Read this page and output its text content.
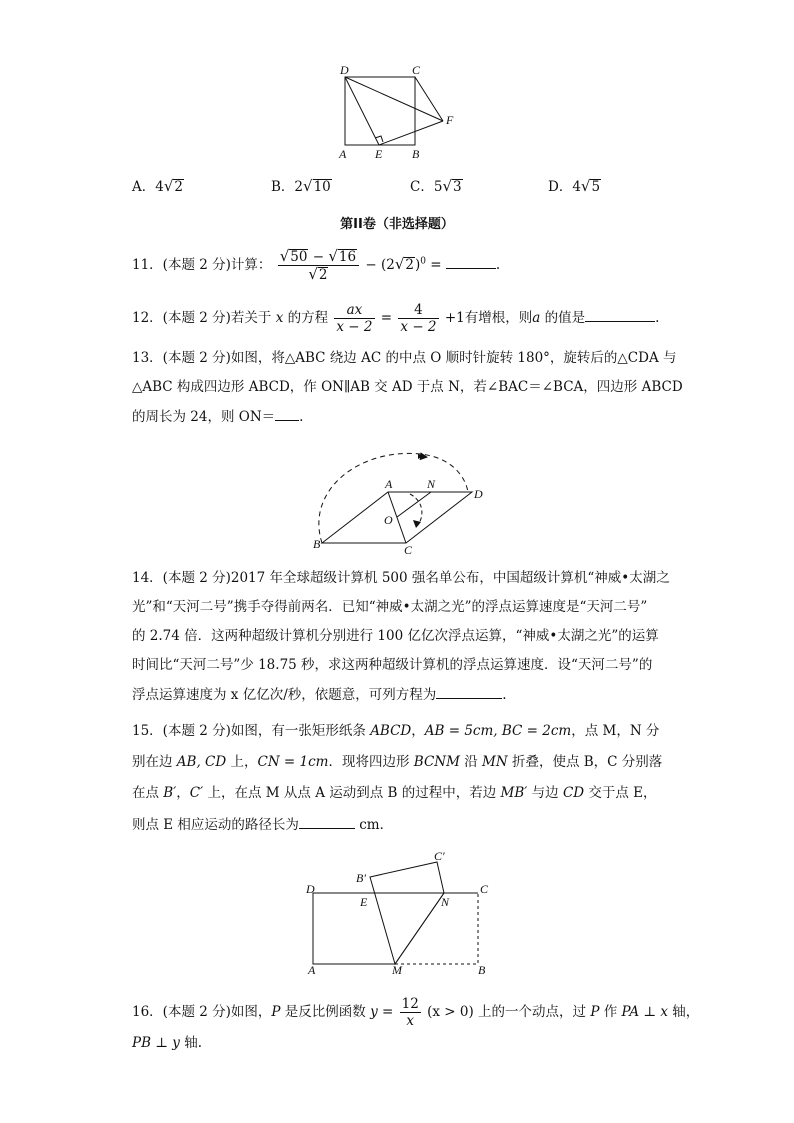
D	C
F
A E B
A．4√2	B．2√10	C．5√3	D．4√5
第II卷（非选择题）
11．(本题 2 分)计算： $\frac{√50 - √16}{√2} - (2√2)^0$ =	.
12．(本题 2 分)若关于 x 的方程 $\frac{ax}{x - 2} = \frac{4}{x - 2} +1$有增根，则a 的值是	.
13．(本题 2 分)如图，将△ABC 绕边 AC 的中点 O 顺时针旋转 180°，旋转后的△CDA 与
△ABC 构成四边形 ABCD，作 ON∥AB 交 AD 于点 N，若∠BAC＝∠BCA，四边形 ABCD
的周长为 24，则 ON＝ .
A	N
D
O
B	C
14．(本题 2 分)2017 年全球超级计算机 500 强名单公布，中国超级计算机“神威•太湖之
光”和“天河二号”携手夺得前两名．已知“神威•太湖之光”的浮点运算速度是“天河二号”
的 2.74 倍．这两种超级计算机分别进行 100 亿亿次浮点运算，“神威•太湖之光”的运算
时间比“天河二号”少 18.75 秒，求这两种超级计算机的浮点运算速度．设“天河二号”的
浮点运算速度为 x 亿亿次/秒，依题意，可列方程为	.
15．(本题 2 分)如图，有一张矩形纸条 ABCD，AB = 5cm, BC = 2cm，点 M，N 分
别在边 AB, CD 上，CN = 1cm．现将四边形 BCNM 沿 MN 折叠，使点 B，C 分别落
在点 B′，C′ 上，在点 M 从点 A 运动到点 B 的过程中，若边 MB′ 与边 CD 交于点 E，
则点 E 相应运动的路径长为	cm．
C′
B′
D	C
E	N
A	M	B
16．(本题 2 分)如图，P 是反比例函数 $y = \frac{12}{x} (x > 0)$ 上的一个动点，过 P 作 PA ⊥ x 轴，
PB ⊥ y 轴.
